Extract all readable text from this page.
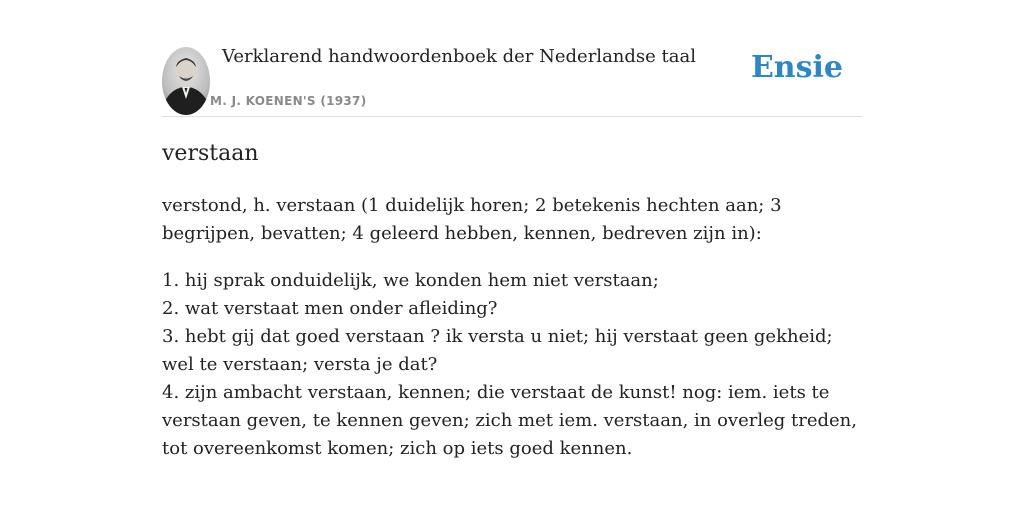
Verklarend handwoordenboek der Nederlandse taal
M. J. KOENEN'S (1937)
Ensie
verstaan

verstond, h. verstaan (1 duidelijk horen; 2 betekenis hechten aan; 3 begrijpen, bevatten; 4 geleerd hebben, kennen, bedreven zijn in):

1. hij sprak onduidelijk, we konden hem niet verstaan;

2. wat verstaat men onder afleiding?

3. hebt gij dat goed verstaan ? ik versta u niet; hij verstaat geen gekheid; wel te verstaan; versta je dat?

4. zijn ambacht verstaan, kennen; die verstaat de kunst! nog: iem. iets te verstaan geven, te kennen geven; zich met iem. verstaan, in overleg treden, tot overeenkomst komen; zich op iets goed kennen.
